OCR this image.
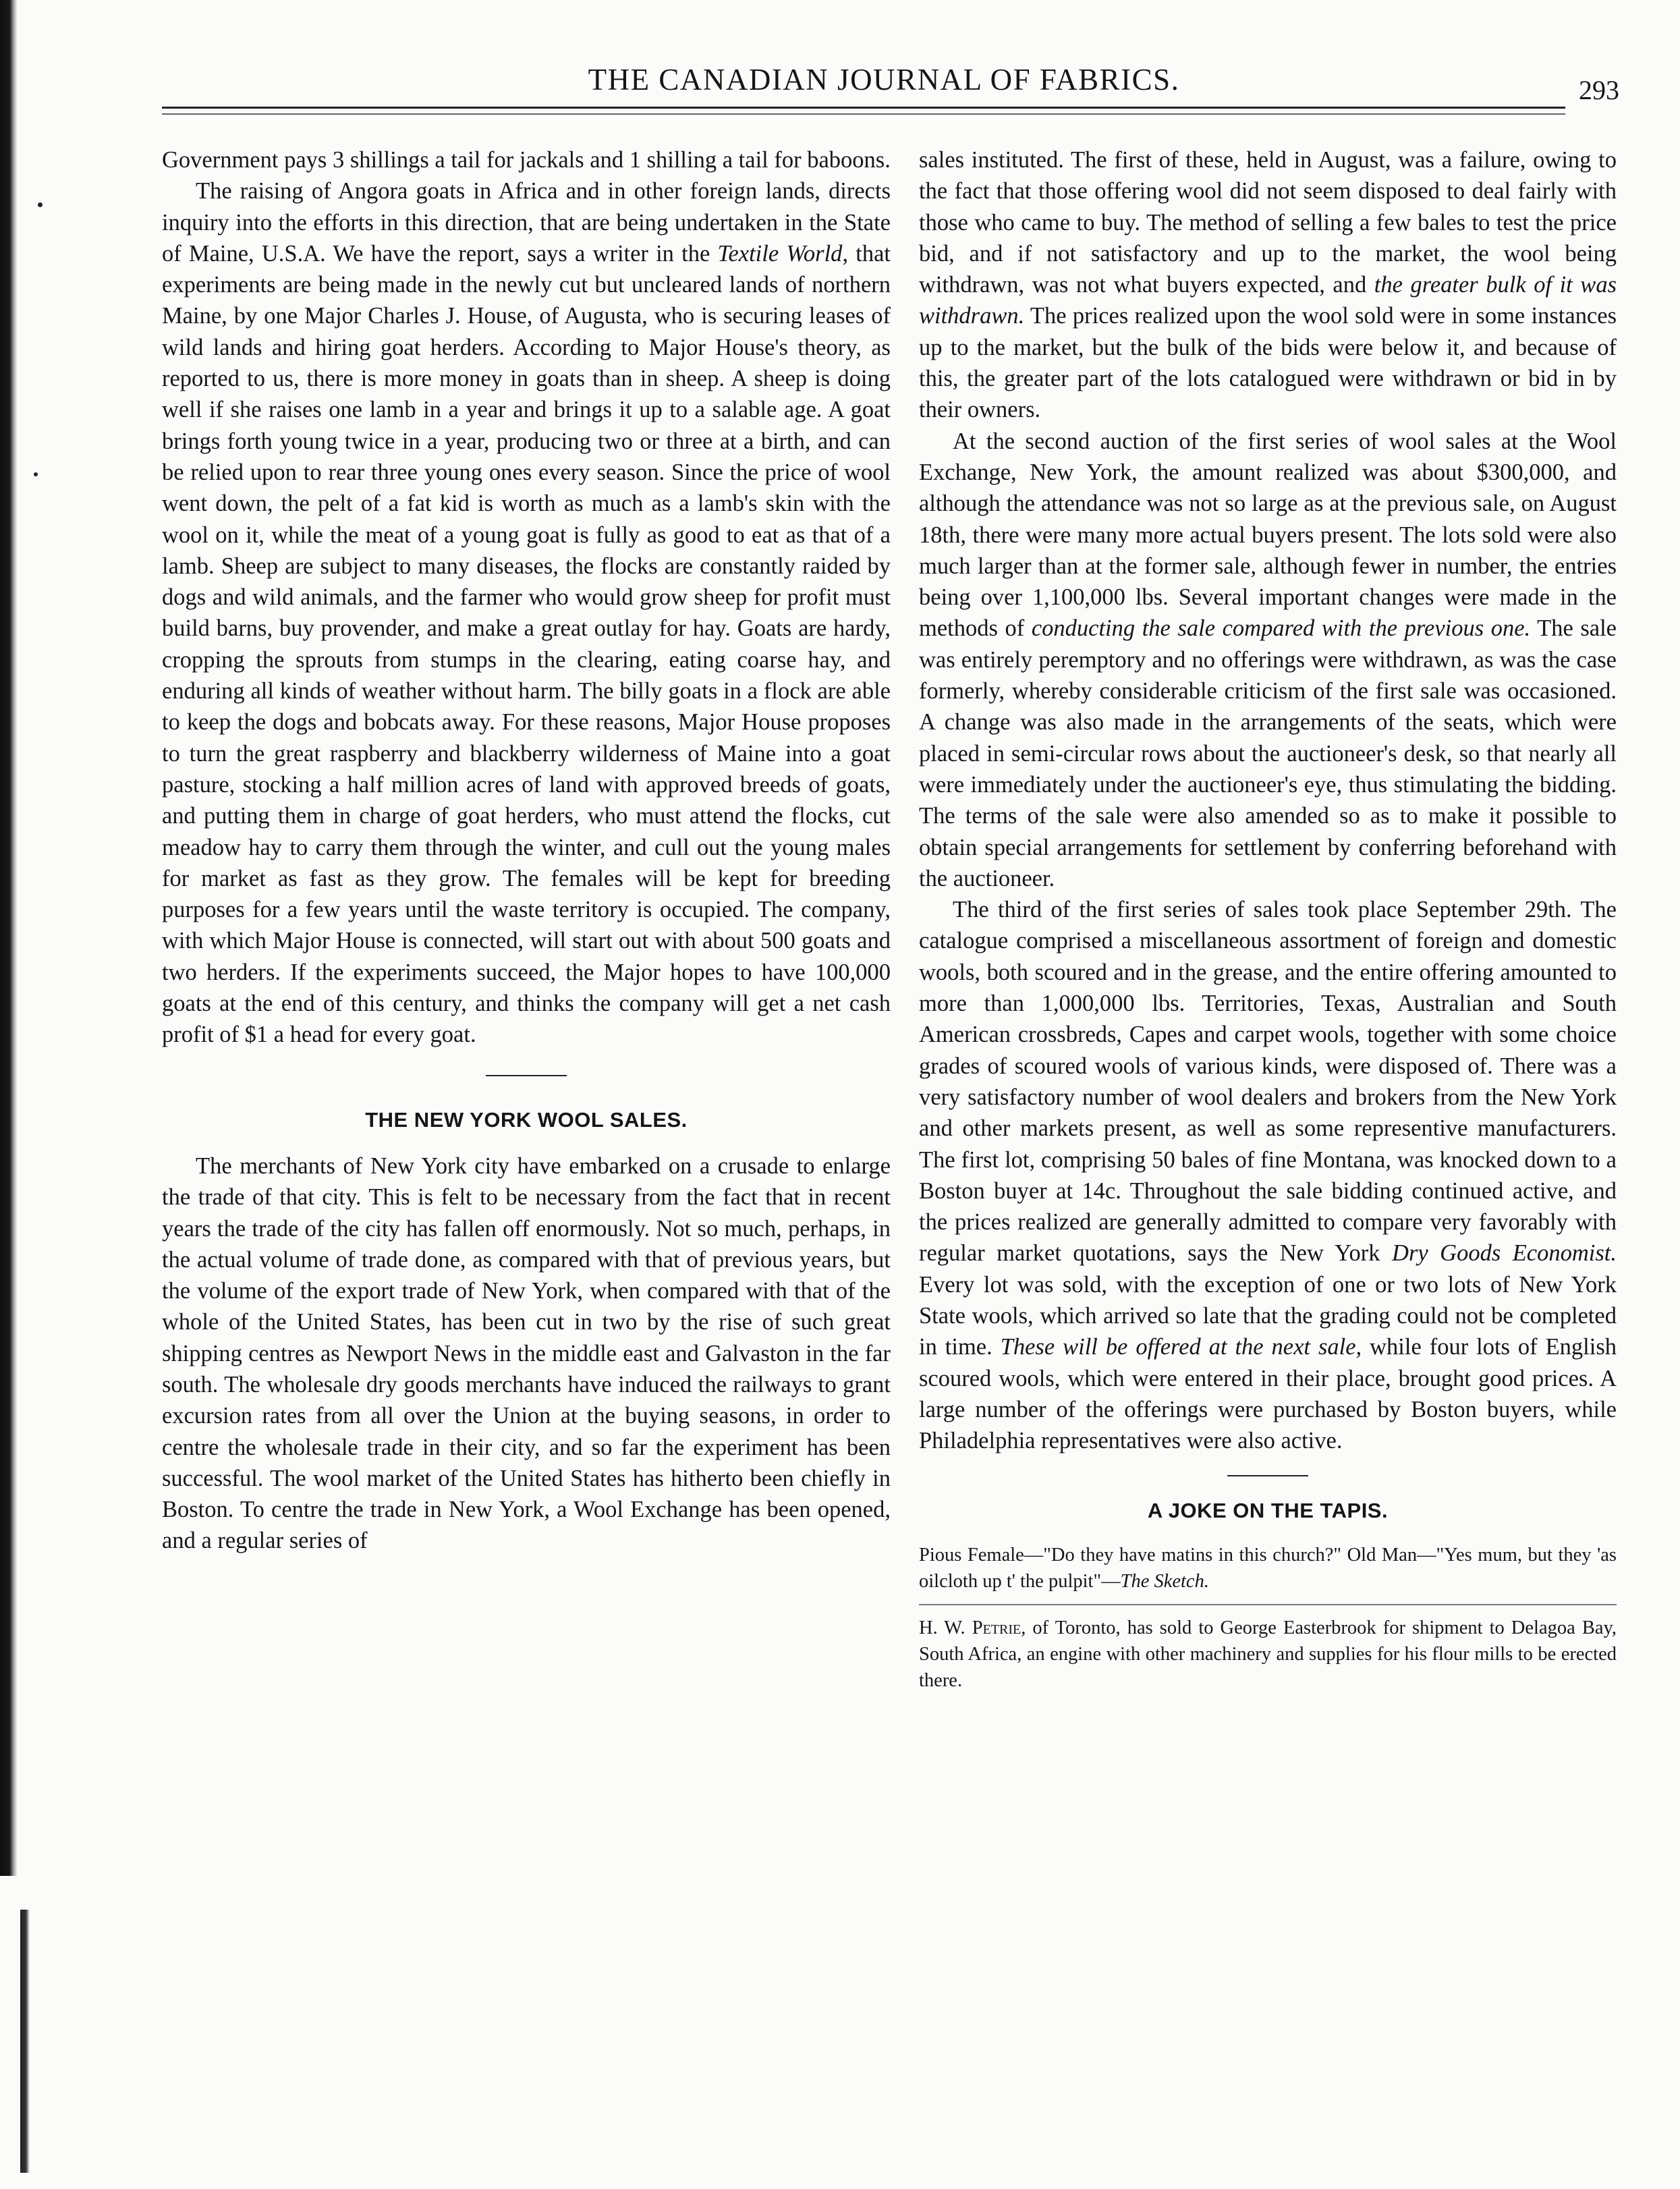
THE CANADIAN JOURNAL OF FABRICS.	293

Government pays 3 shillings a tail for jackals and 1 shilling a tail for baboons.

The raising of Angora goats in Africa and in other foreign lands, directs inquiry into the efforts in this direction, that are being undertaken in the State of Maine, U.S.A. We have the report, says a writer in the Textile World, that experiments are being made in the newly cut but uncleared lands of northern Maine, by one Major Charles J. House, of Augusta, who is securing leases of wild lands and hiring goat herders. According to Major House's theory, as reported to us, there is more money in goats than in sheep. A sheep is doing well if she raises one lamb in a year and brings it up to a salable age. A goat brings forth young twice in a year, producing two or three at a birth, and can be relied upon to rear three young ones every season. Since the price of wool went down, the pelt of a fat kid is worth as much as a lamb's skin with the wool on it, while the meat of a young goat is fully as good to eat as that of a lamb. Sheep are subject to many diseases, the flocks are constantly raided by dogs and wild animals, and the farmer who would grow sheep for profit must build barns, buy provender, and make a great outlay for hay. Goats are hardy, cropping the sprouts from stumps in the clearing, eating coarse hay, and enduring all kinds of weather without harm. The billy goats in a flock are able to keep the dogs and bobcats away. For these reasons, Major House proposes to turn the great raspberry and blackberry wilderness of Maine into a goat pasture, stocking a half million acres of land with approved breeds of goats, and putting them in charge of goat herders, who must attend the flocks, cut meadow hay to carry them through the winter, and cull out the young males for market as fast as they grow. The females will be kept for breeding purposes for a few years until the waste territory is occupied. The company, with which Major House is connected, will start out with about 500 goats and two herders. If the experiments succeed, the Major hopes to have 100,000 goats at the end of this century, and thinks the company will get a net cash profit of $1 a head for every goat.

THE NEW YORK WOOL SALES.

The merchants of New York city have embarked on a crusade to enlarge the trade of that city. This is felt to be necessary from the fact that in recent years the trade of the city has fallen off enormously. Not so much, perhaps, in the actual volume of trade done, as compared with that of previous years, but the volume of the export trade of New York, when compared with that of the whole of the United States, has been cut in two by the rise of such great shipping centres as Newport News in the middle east and Galvaston in the far south. The wholesale dry goods merchants have induced the railways to grant excursion rates from all over the Union at the buying seasons, in order to centre the wholesale trade in their city, and so far the experiment has been successful. The wool market of the United States has hitherto been chiefly in Boston. To centre the trade in New York, a Wool Exchange has been opened, and a regular series of

sales instituted. The first of these, held in August, was a failure, owing to the fact that those offering wool did not seem disposed to deal fairly with those who came to buy. The method of selling a few bales to test the price bid, and if not satisfactory and up to the market, the wool being withdrawn, was not what buyers expected, and the greater bulk of it was withdrawn. The prices realized upon the wool sold were in some instances up to the market, but the bulk of the bids were below it, and because of this, the greater part of the lots catalogued were withdrawn or bid in by their owners.

At the second auction of the first series of wool sales at the Wool Exchange, New York, the amount realized was about $300,000, and although the attendance was not so large as at the previous sale, on August 18th, there were many more actual buyers present. The lots sold were also much larger than at the former sale, although fewer in number, the entries being over 1,100,000 lbs. Several important changes were made in the methods of conducting the sale compared with the previous one. The sale was entirely peremptory and no offerings were withdrawn, as was the case formerly, whereby considerable criticism of the first sale was occasioned. A change was also made in the arrangements of the seats, which were placed in semi-circular rows about the auctioneer's desk, so that nearly all were immediately under the auctioneer's eye, thus stimulating the bidding. The terms of the sale were also amended so as to make it possible to obtain special arrangements for settlement by conferring beforehand with the auctioneer.

The third of the first series of sales took place September 29th. The catalogue comprised a miscellaneous assortment of foreign and domestic wools, both scoured and in the grease, and the entire offering amounted to more than 1,000,000 lbs. Territories, Texas, Australian and South American crossbreds, Capes and carpet wools, together with some choice grades of scoured wools of various kinds, were disposed of. There was a very satisfactory number of wool dealers and brokers from the New York and other markets present, as well as some representive manufacturers. The first lot, comprising 50 bales of fine Montana, was knocked down to a Boston buyer at 14c. Throughout the sale bidding continued active, and the prices realized are generally admitted to compare very favorably with regular market quotations, says the New York Dry Goods Economist. Every lot was sold, with the exception of one or two lots of New York State wools, which arrived so late that the grading could not be completed in time. These will be offered at the next sale, while four lots of English scoured wools, which were entered in their place, brought good prices. A large number of the offerings were purchased by Boston buyers, while Philadelphia representatives were also active.

A JOKE ON THE TAPIS.

Pious Female—"Do they have matins in this church?" Old Man—"Yes mum, but they 'as oilcloth up t' the pulpit"—The Sketch.

H. W. Petrie, of Toronto, has sold to George Easterbrook for shipment to Delagoa Bay, South Africa, an engine with other machinery and supplies for his flour mills to be erected there.
